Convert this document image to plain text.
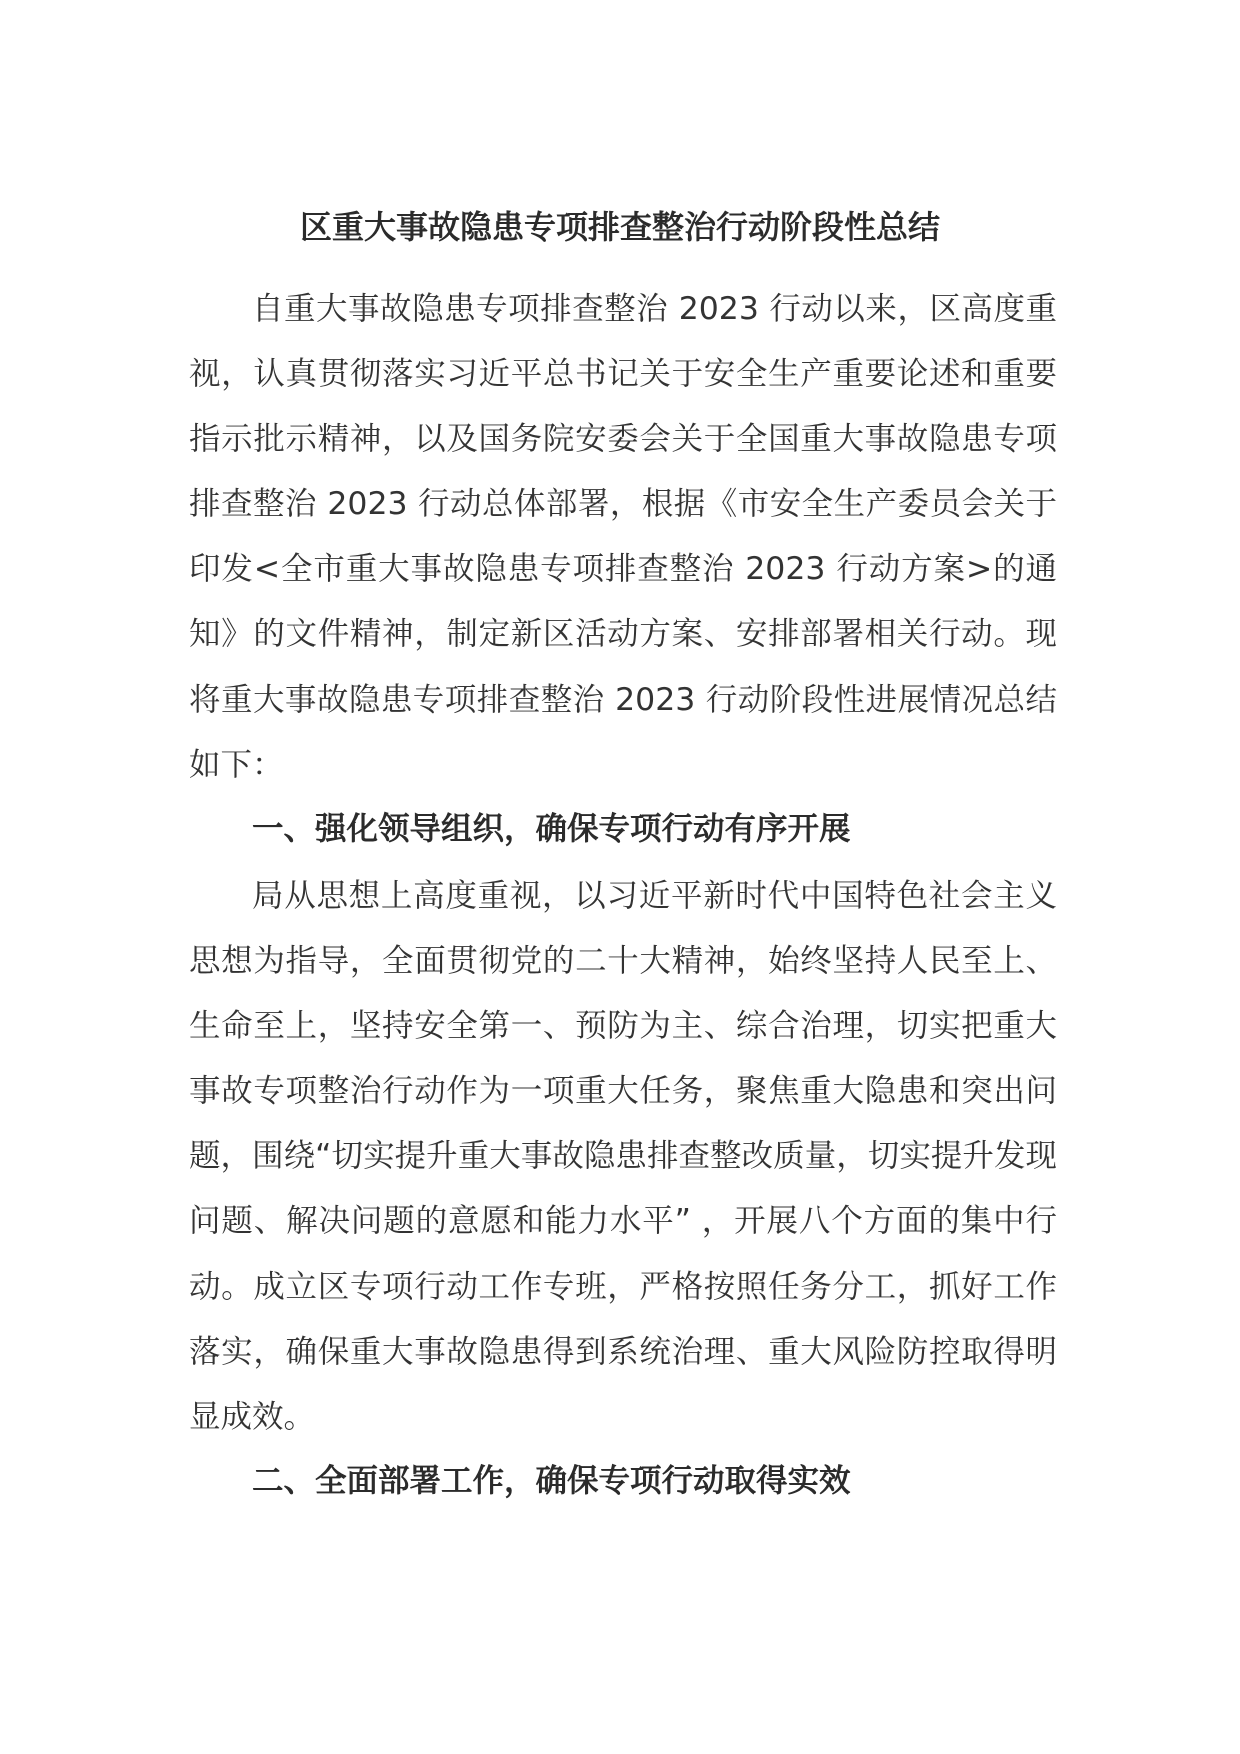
区重大事故隐患专项排查整治行动阶段性总结

自重大事故隐患专项排查整治 2023 行动以来，区高度重视，认真贯彻落实习近平总书记关于安全生产重要论述和重要指示批示精神，以及国务院安委会关于全国重大事故隐患专项排查整治 2023 行动总体部署，根据《市安全生产委员会关于印发<全市重大事故隐患专项排查整治 2023 行动方案>的通知》的文件精神，制定新区活动方案、安排部署相关行动。现将重大事故隐患专项排查整治 2023 行动阶段性进展情况总结如下：

一、强化领导组织，确保专项行动有序开展

局从思想上高度重视，以习近平新时代中国特色社会主义思想为指导，全面贯彻党的二十大精神，始终坚持人民至上、生命至上，坚持安全第一、预防为主、综合治理，切实把重大事故专项整治行动作为一项重大任务，聚焦重大隐患和突出问题，围绕“切实提升重大事故隐患排查整改质量，切实提升发现问题、解决问题的意愿和能力水平” ，开展八个方面的集中行动。成立区专项行动工作专班，严格按照任务分工，抓好工作落实，确保重大事故隐患得到系统治理、重大风险防控取得明显成效。

二、全面部署工作，确保专项行动取得实效
